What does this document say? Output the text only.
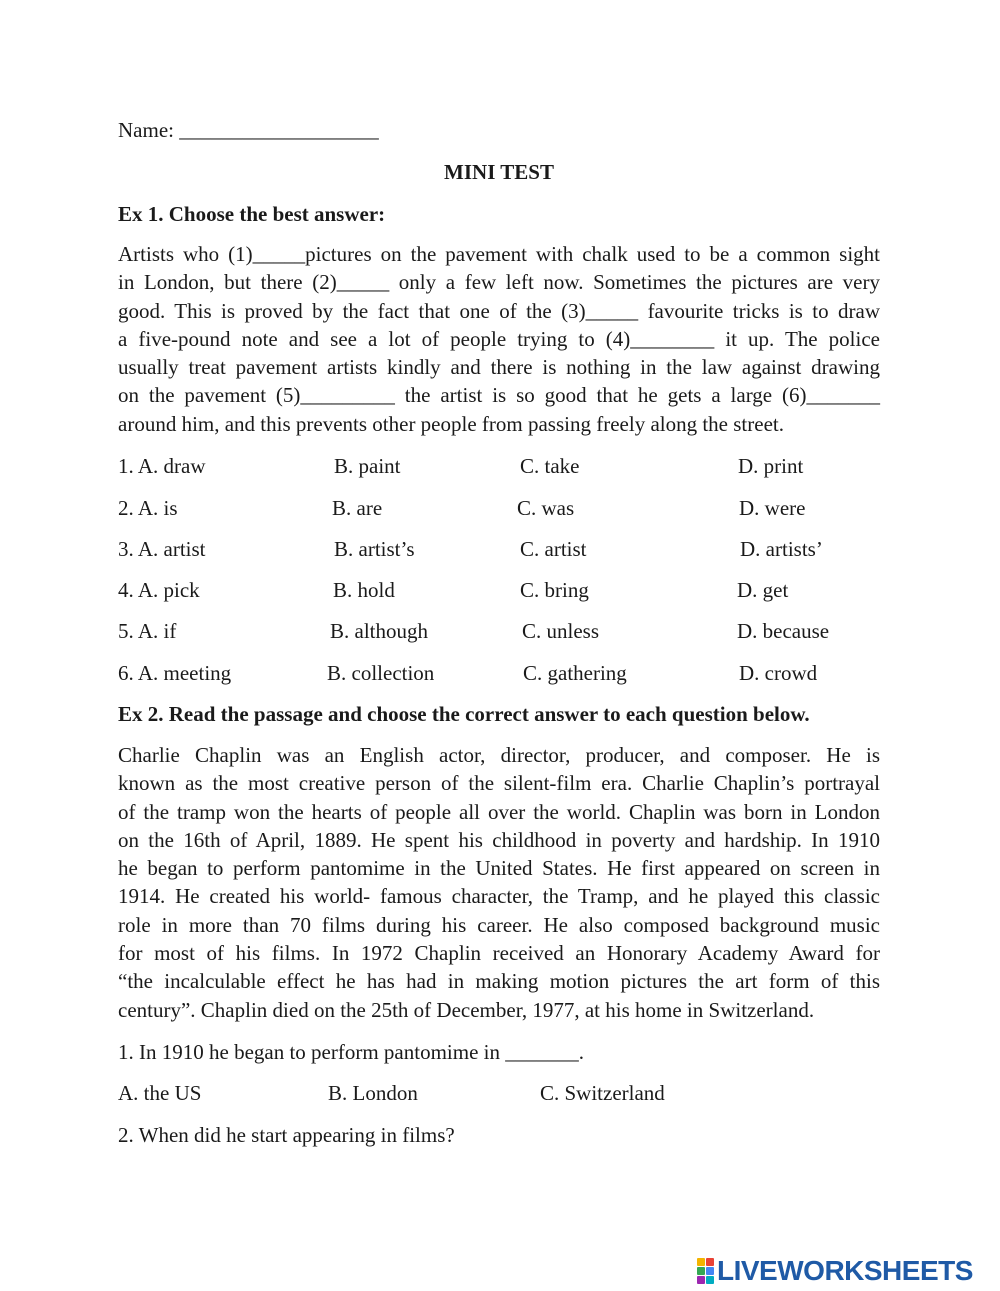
Name: ___________________
MINI TEST
Ex 1. Choose the best answer:
Artists who (1)_____pictures on the pavement with chalk used to be a common sight
in London, but there (2)_____ only a few left now. Sometimes the pictures are very
good. This is proved by the fact that one of the (3)_____ favourite tricks is to draw
a five-pound note and see a lot of people trying to (4)________ it up. The police
usually treat pavement artists kindly and there is nothing in the law against drawing
on the pavement (5)_________ the artist is so good that he gets a large (6)_______
around him, and this prevents other people from passing freely along the street.
1. A. draw	B. paint	C. take	D. print
2. A. is	B. are	C. was	D. were
3. A. artist	B. artist’s	C. artist	D. artists’
4. A. pick	B. hold	C. bring	D. get
5. A. if	B. although	C. unless	D. because
6. A. meeting	B. collection	C. gathering	D. crowd
Ex 2. Read the passage and choose the correct answer to each question below.
Charlie Chaplin was an English actor, director, producer, and composer. He is
known as the most creative person of the silent-film era. Charlie Chaplin’s portrayal
of the tramp won the hearts of people all over the world. Chaplin was born in London
on the 16th of April, 1889. He spent his childhood in poverty and hardship. In 1910
he began to perform pantomime in the United States. He first appeared on screen in
1914. He created his world- famous character, the Tramp, and he played this classic
role in more than 70 films during his career. He also composed background music
for most of his films. In 1972 Chaplin received an Honorary Academy Award for
“the incalculable effect he has had in making motion pictures the art form of this
century”. Chaplin died on the 25th of December, 1977, at his home in Switzerland.
1. In 1910 he began to perform pantomime in _______.
A. the US	B. London	C. Switzerland
2. When did he start appearing in films?
LIVEWORKSHEETS
